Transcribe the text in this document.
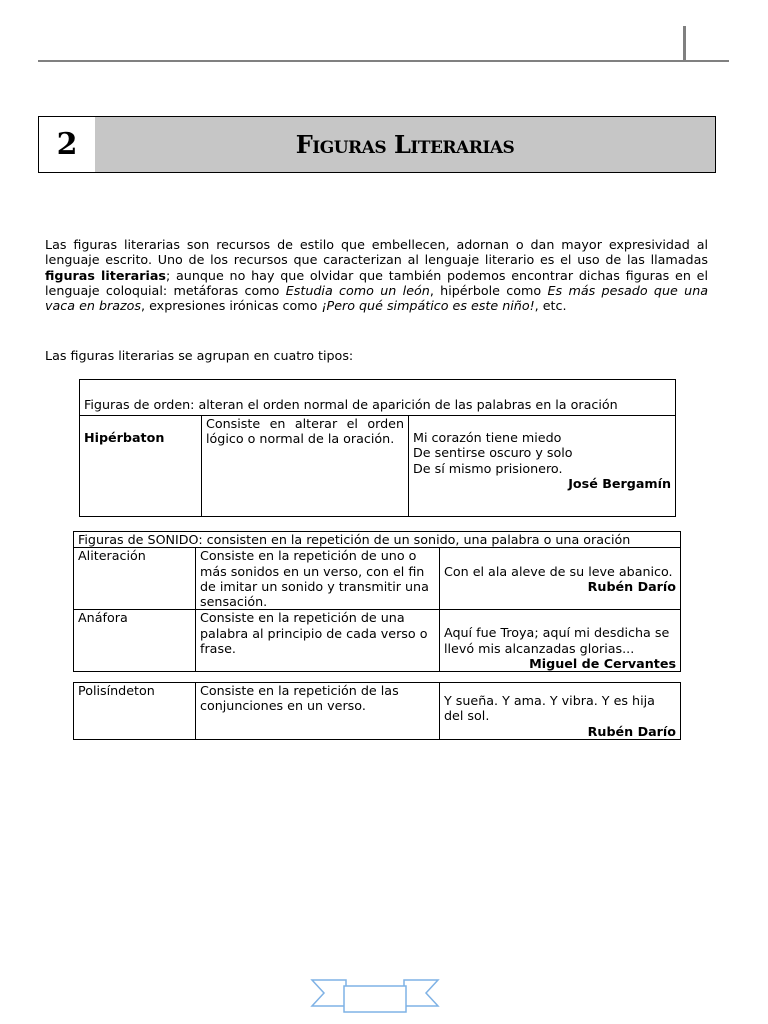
2	Figuras Literarias

Las figuras literarias son recursos de estilo que embellecen, adornan o dan mayor expresividad al lenguaje escrito. Uno de los recursos que caracterizan al lenguaje literario es el uso de las llamadas figuras literarias; aunque no hay que olvidar que también podemos encontrar dichas figuras en el lenguaje coloquial: metáforas como Estudia como un león, hipérbole como Es más pesado que una vaca en brazos, expresiones irónicas como ¡Pero qué simpático es este niño!, etc.

Las figuras literarias se agrupan en cuatro tipos:

Figuras de orden: alteran el orden normal de aparición de las palabras en la oración
Hipérbaton	Consiste en alterar el orden lógico o normal de la oración.	Mi corazón tiene miedo
De sentirse oscuro y solo
De sí mismo prisionero.
José Bergamín
Figuras de SONIDO: consisten en la repetición de un sonido, una palabra o una oración		
Aliteración	Consiste en la repetición de uno o más sonidos en un verso, con el fin de imitar un sonido y transmitir una sensación.	Con el ala aleve de su leve abanico.
Rubén Darío

Anáfora	Consiste en la repetición de una palabra al principio de cada verso o frase.	Aquí fue Troya; aquí mi desdicha se llevó mis alcanzadas glorias...
Miguel de Cervantes
Polisíndeton	Consiste en la repetición de las conjunciones en un verso.	Y sueña. Y ama. Y vibra. Y es hija del sol.
Rubén Darío
